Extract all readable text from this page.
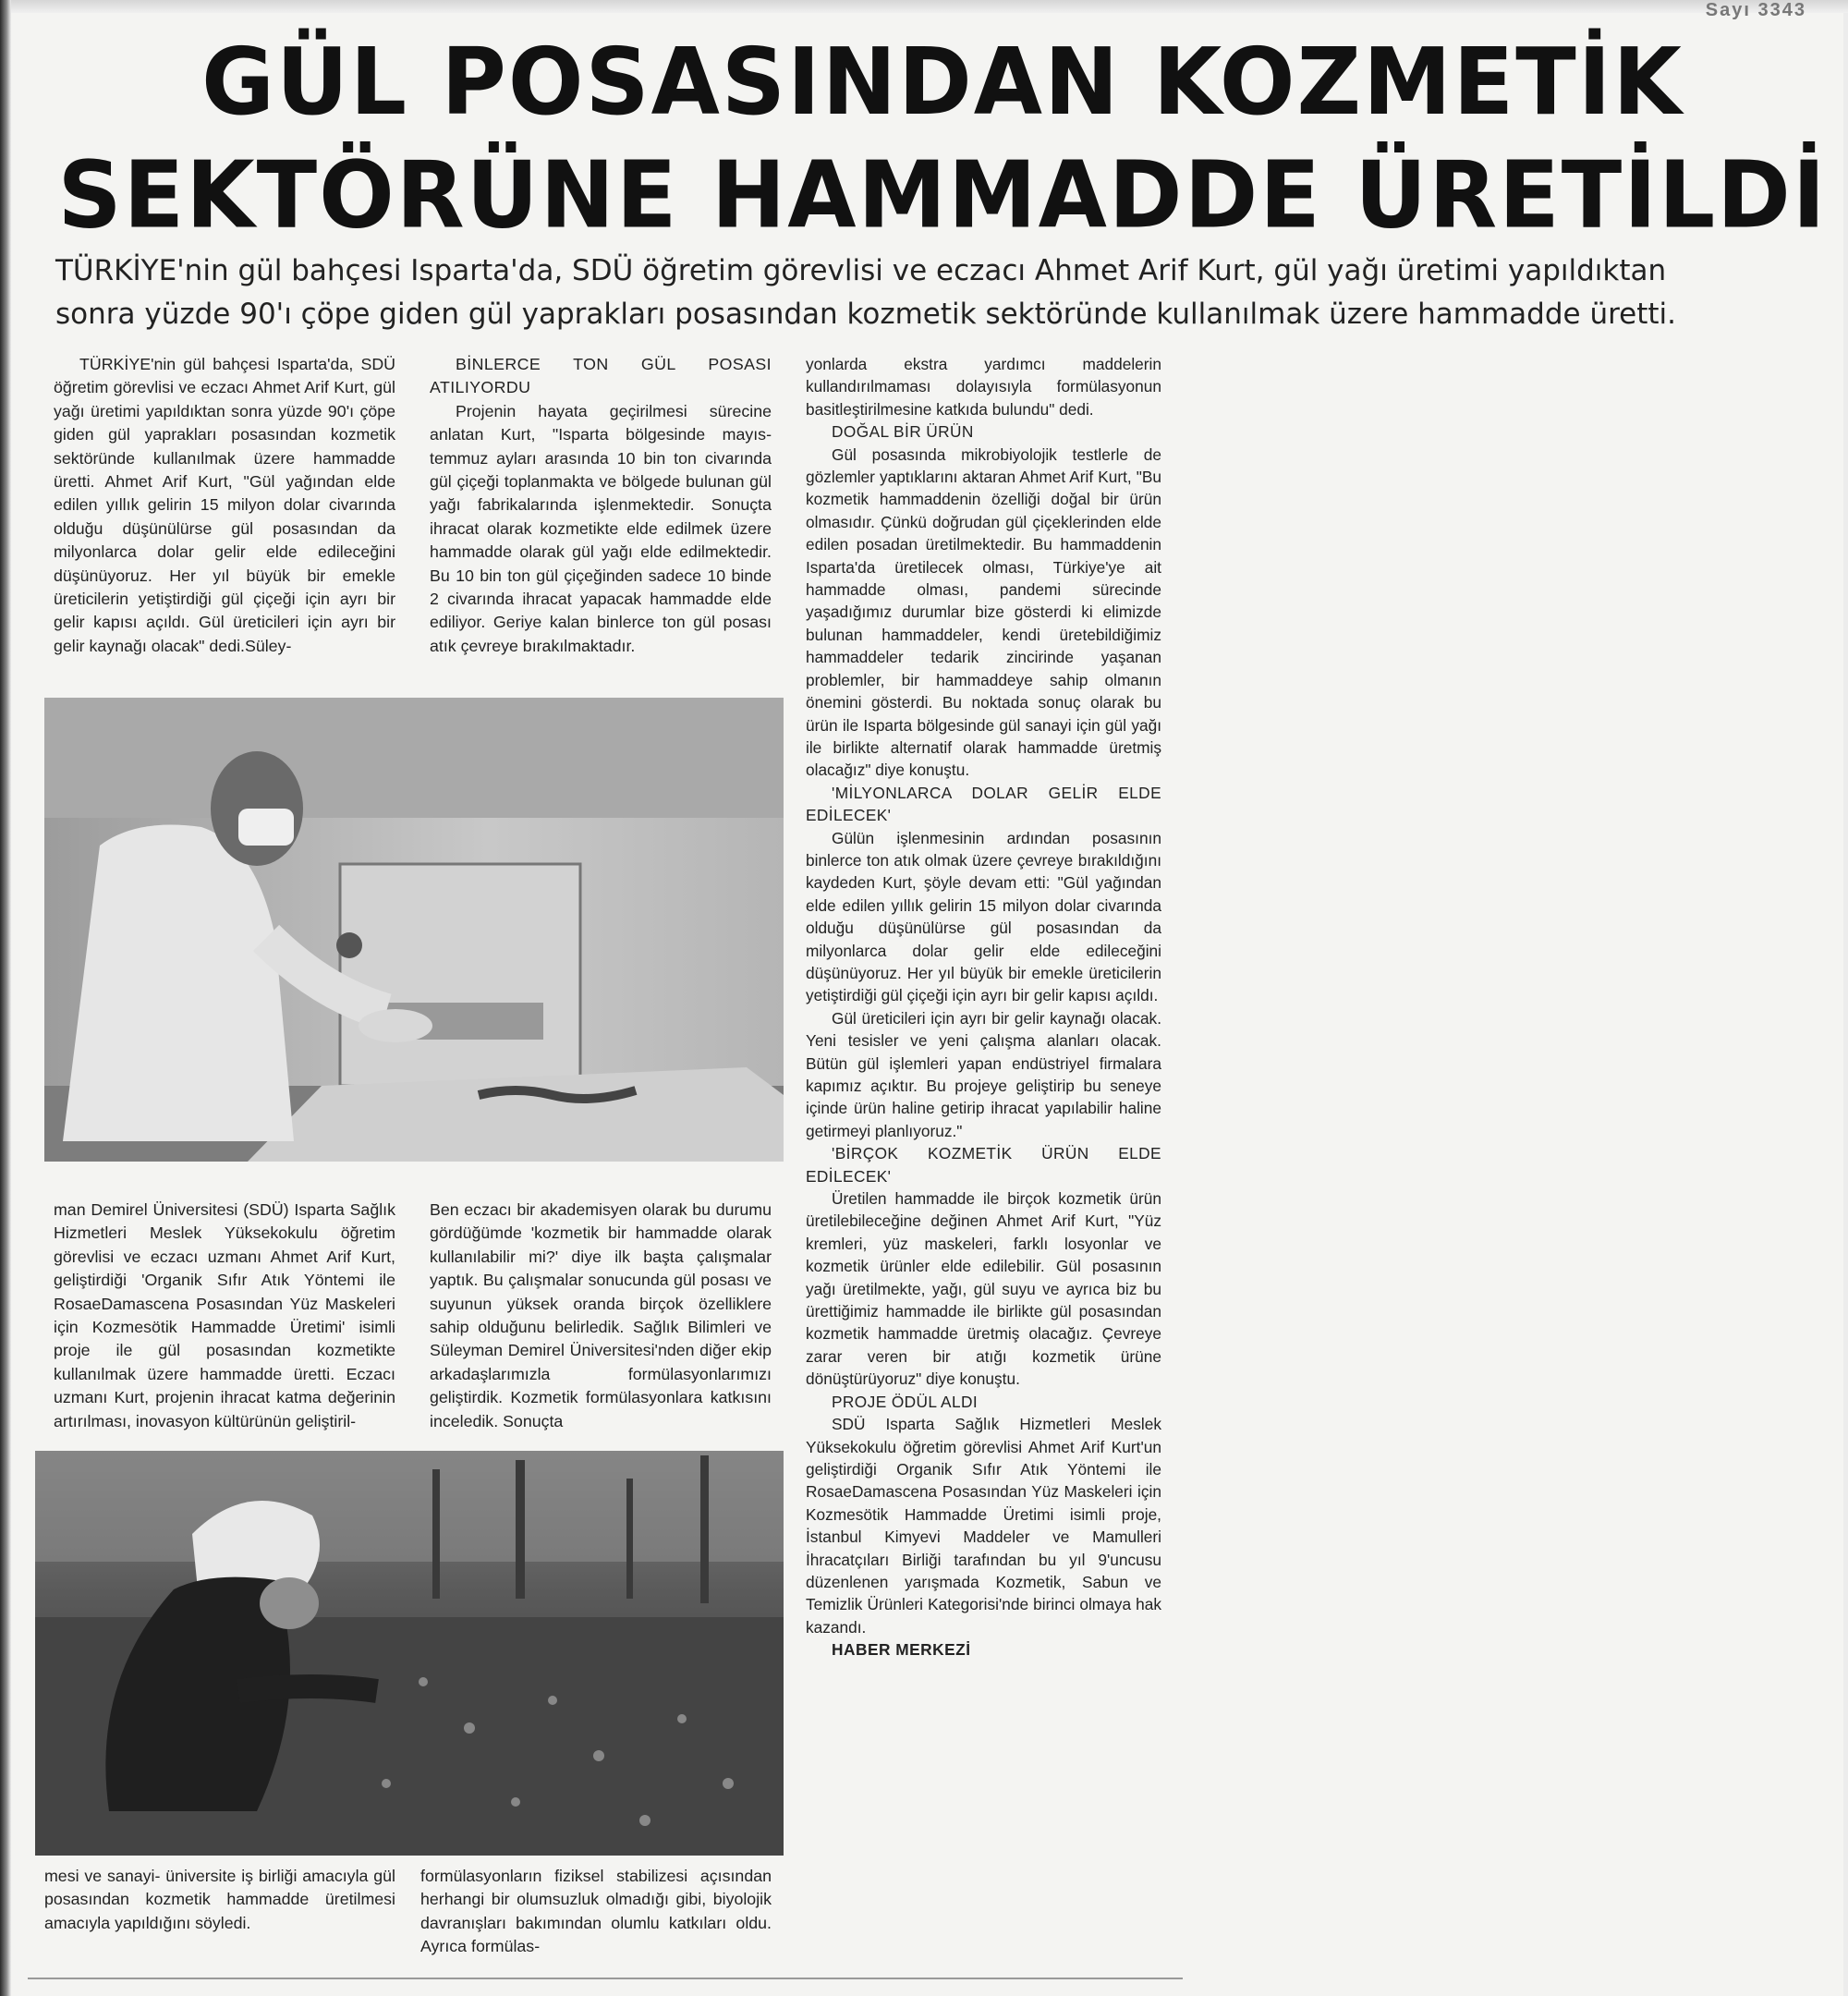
Sayı 3343
GÜL POSASINDAN KOZMETİK
SEKTÖRÜNE HAMMADDE ÜRETİLDİ
TÜRKİYE'nin gül bahçesi Isparta'da, SDÜ öğretim görevlisi ve eczacı Ahmet Arif Kurt, gül yağı üretimi yapıldıktan
sonra yüzde 90'ı çöpe giden gül yaprakları posasından kozmetik sektöründe kullanılmak üzere hammadde üretti.

TÜRKİYE'nin gül bahçesi Isparta'da, SDÜ öğretim görevlisi ve eczacı Ahmet Arif Kurt, gül yağı üretimi yapıldıktan sonra yüzde 90'ı çöpe giden gül yaprakları posasından kozmetik sektöründe kullanılmak üzere hammadde üretti. Ahmet Arif Kurt, "Gül yağından elde edilen yıllık gelirin 15 milyon dolar civarında olduğu düşünülürse gül posasından da milyonlarca dolar gelir elde edileceğini düşünüyoruz. Her yıl büyük bir emekle üreticilerin yetiştirdiği gül çiçeği için ayrı bir gelir kapısı açıldı. Gül üreticileri için ayrı bir gelir kaynağı olacak" dedi.Süley-

BİNLERCE TON GÜL POSASI ATILIYORDU

Projenin hayata geçirilmesi sürecine anlatan Kurt, "Isparta bölgesinde mayıs-temmuz ayları arasında 10 bin ton civarında gül çiçeği toplanmakta ve bölgede bulunan gül yağı fabrikalarında işlenmektedir. Sonuçta ihracat olarak kozmetikte elde edilmek üzere hammadde olarak gül yağı elde edilmektedir. Bu 10 bin ton gül çiçeğinden sadece 10 binde 2 civarında ihracat yapacak hammadde elde ediliyor. Geriye kalan binlerce ton gül posası atık çevreye bırakılmaktadır.

man Demirel Üniversitesi (SDÜ) Isparta Sağlık Hizmetleri Meslek Yüksekokulu öğretim görevlisi ve eczacı uzmanı Ahmet Arif Kurt, geliştirdiği 'Organik Sıfır Atık Yöntemi ile RosaeDamascena Posasından Yüz Maskeleri için Kozmesötik Hammadde Üretimi' isimli proje ile gül posasından kozmetikte kullanılmak üzere hammadde üretti. Eczacı uzmanı Kurt, projenin ihracat katma değerinin artırılması, inovasyon kültürünün geliştiril-

Ben eczacı bir akademisyen olarak bu durumu gördüğümde 'kozmetik bir hammadde olarak kullanılabilir mi?' diye ilk başta çalışmalar yaptık. Bu çalışmalar sonucunda gül posası ve suyunun yüksek oranda birçok özelliklere sahip olduğunu belirledik. Sağlık Bilimleri ve Süleyman Demirel Üniversitesi'nden diğer ekip arkadaşlarımızla formülasyonlarımızı geliştirdik. Kozmetik formülasyonlara katkısını inceledik. Sonuçta

mesi ve sanayi- üniversite iş birliği amacıyla gül posasından kozmetik hammadde üretilmesi amacıyla yapıldığını söyledi.

formülasyonların fiziksel stabilizesi açısından herhangi bir olumsuzluk olmadığı gibi, biyolojik davranışları bakımından olumlu katkıları oldu. Ayrıca formülas-

yonlarda ekstra yardımcı maddelerin kullandırılmaması dolayısıyla formülasyonun basitleştirilmesine katkıda bulundu" dedi.

DOĞAL BİR ÜRÜN

Gül posasında mikrobiyolojik testlerle de gözlemler yaptıklarını aktaran Ahmet Arif Kurt, "Bu kozmetik hammaddenin özelliği doğal bir ürün olmasıdır. Çünkü doğrudan gül çiçeklerinden elde edilen posadan üretilmektedir. Bu hammaddenin Isparta'da üretilecek olması, Türkiye'ye ait hammadde olması, pandemi sürecinde yaşadığımız durumlar bize gösterdi ki elimizde bulunan hammaddeler, kendi üretebildiğimiz hammaddeler tedarik zincirinde yaşanan problemler, bir hammaddeye sahip olmanın önemini gösterdi. Bu noktada sonuç olarak bu ürün ile Isparta bölgesinde gül sanayi için gül yağı ile birlikte alternatif olarak hammadde üretmiş olacağız" diye konuştu.

'MİLYONLARCA DOLAR GELİR ELDE EDİLECEK'

Gülün işlenmesinin ardından posasının binlerce ton atık olmak üzere çevreye bırakıldığını kaydeden Kurt, şöyle devam etti: "Gül yağından elde edilen yıllık gelirin 15 milyon dolar civarında olduğu düşünülürse gül posasından da milyonlarca dolar gelir elde edileceğini düşünüyoruz. Her yıl büyük bir emekle üreticilerin yetiştirdiği gül çiçeği için ayrı bir gelir kapısı açıldı.

Gül üreticileri için ayrı bir gelir kaynağı olacak. Yeni tesisler ve yeni çalışma alanları olacak. Bütün gül işlemleri yapan endüstriyel firmalara kapımız açıktır. Bu projeye geliştirip bu seneye içinde ürün haline getirip ihracat yapılabilir haline getirmeyi planlıyoruz."

'BİRÇOK KOZMETİK ÜRÜN ELDE EDİLECEK'

Üretilen hammadde ile birçok kozmetik ürün üretilebileceğine değinen Ahmet Arif Kurt, "Yüz kremleri, yüz maskeleri, farklı losyonlar ve kozmetik ürünler elde edilebilir. Gül posasının yağı üretilmekte, yağı, gül suyu ve ayrıca biz bu ürettiğimiz hammadde ile birlikte gül posasından kozmetik hammadde üretmiş olacağız. Çevreye zarar veren bir atığı kozmetik ürüne dönüştürüyoruz" diye konuştu.

PROJE ÖDÜL ALDI

SDÜ Isparta Sağlık Hizmetleri Meslek Yüksekokulu öğretim görevlisi Ahmet Arif Kurt'un geliştirdiği Organik Sıfır Atık Yöntemi ile RosaeDamascena Posasından Yüz Maskeleri için Kozmesötik Hammadde Üretimi isimli proje, İstanbul Kimyevi Maddeler ve Mamulleri İhracatçıları Birliği tarafından bu yıl 9'uncusu düzenlenen yarışmada Kozmetik, Sabun ve Temizlik Ürünleri Kategorisi'nde birinci olmaya hak kazandı.

HABER MERKEZİ
